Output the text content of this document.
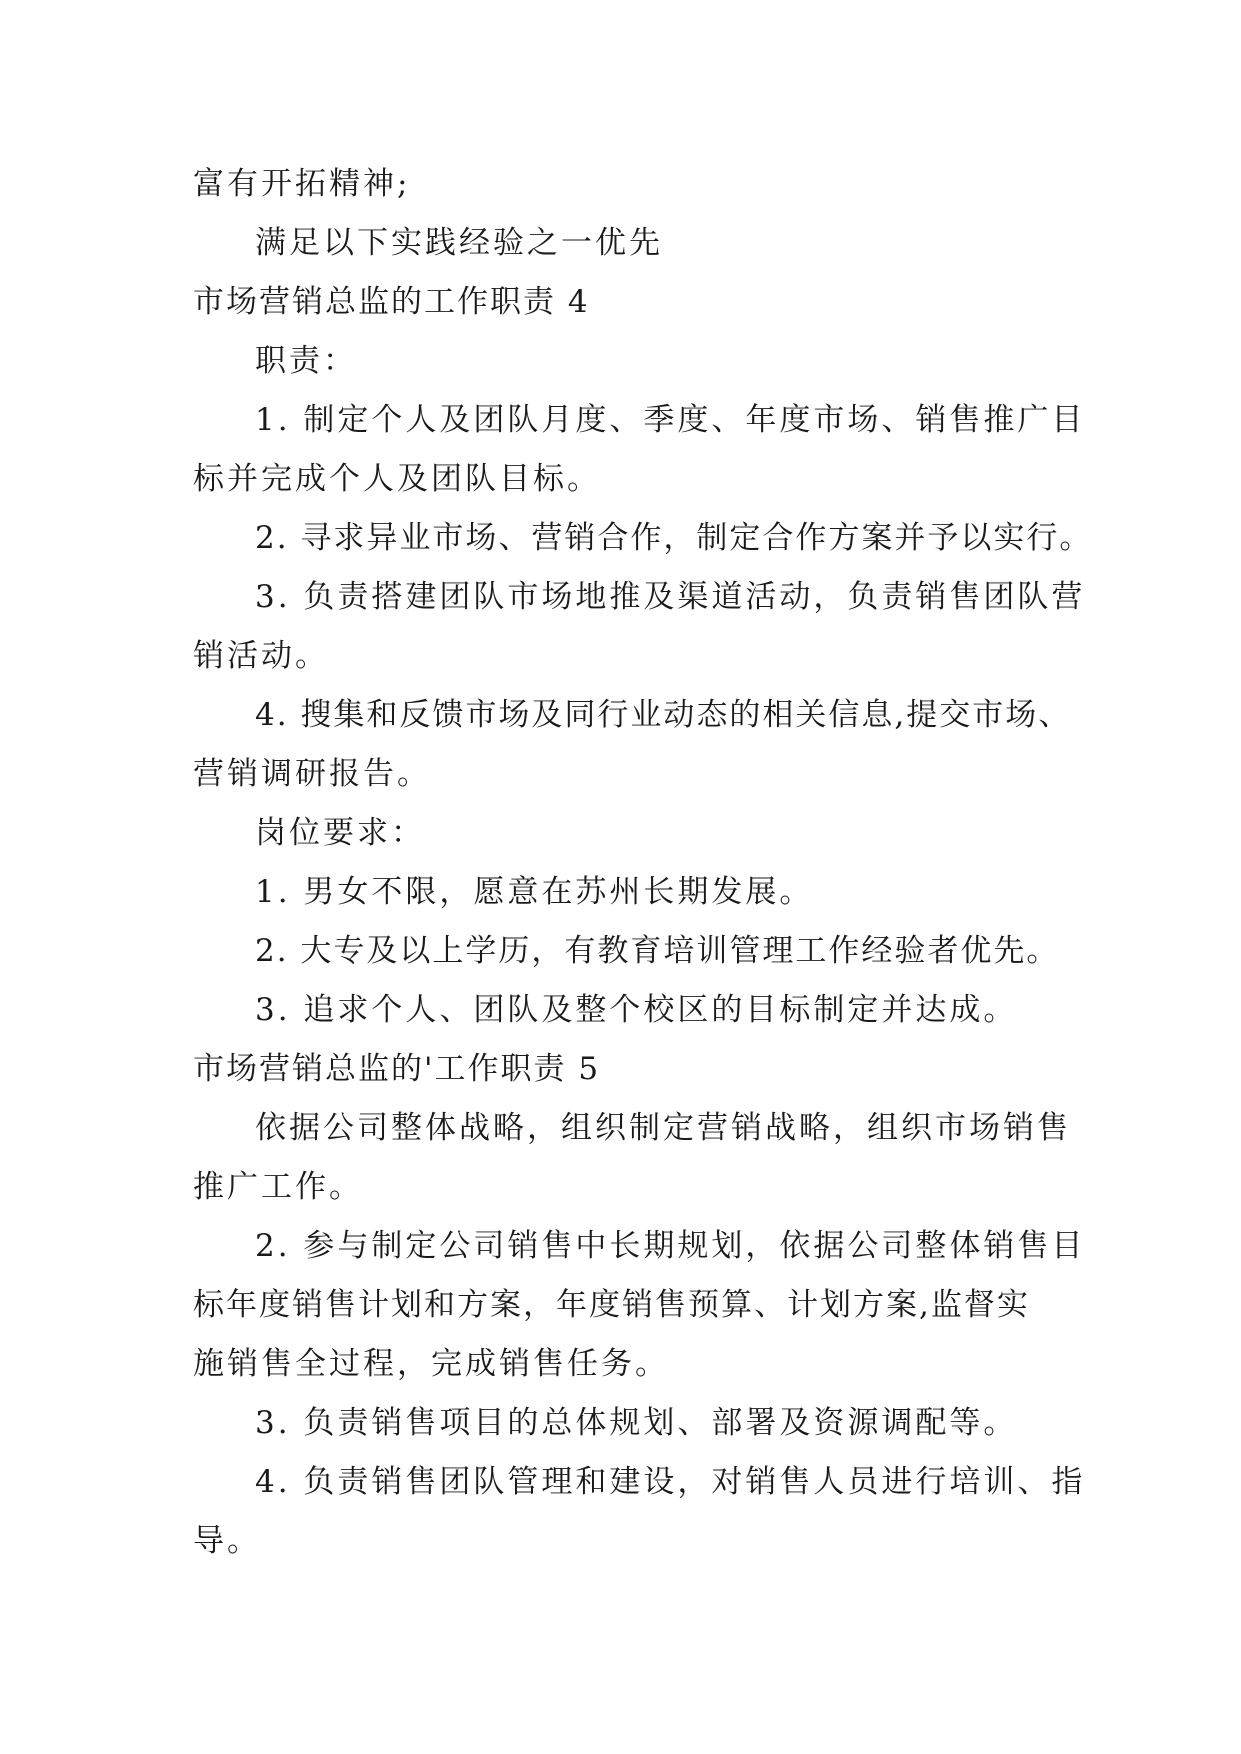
富有开拓精神;
满足以下实践经验之一优先
市场营销总监的工作职责 4
职责：
1. 制定个人及团队月度、季度、年度市场、销售推广目
标并完成个人及团队目标。
2. 寻求异业市场、营销合作，制定合作方案并予以实行。
3. 负责搭建团队市场地推及渠道活动，负责销售团队营
销活动。
4. 搜集和反馈市场及同行业动态的相关信息,提交市场、
营销调研报告。
岗位要求：
1. 男女不限，愿意在苏州长期发展。
2. 大专及以上学历，有教育培训管理工作经验者优先。
3. 追求个人、团队及整个校区的目标制定并达成。
市场营销总监的'工作职责 5
依据公司整体战略，组织制定营销战略，组织市场销售
推广工作。
2. 参与制定公司销售中长期规划，依据公司整体销售目
标年度销售计划和方案，年度销售预算、计划方案,监督实
施销售全过程，完成销售任务。
3. 负责销售项目的总体规划、部署及资源调配等。
4. 负责销售团队管理和建设，对销售人员进行培训、指
导。
